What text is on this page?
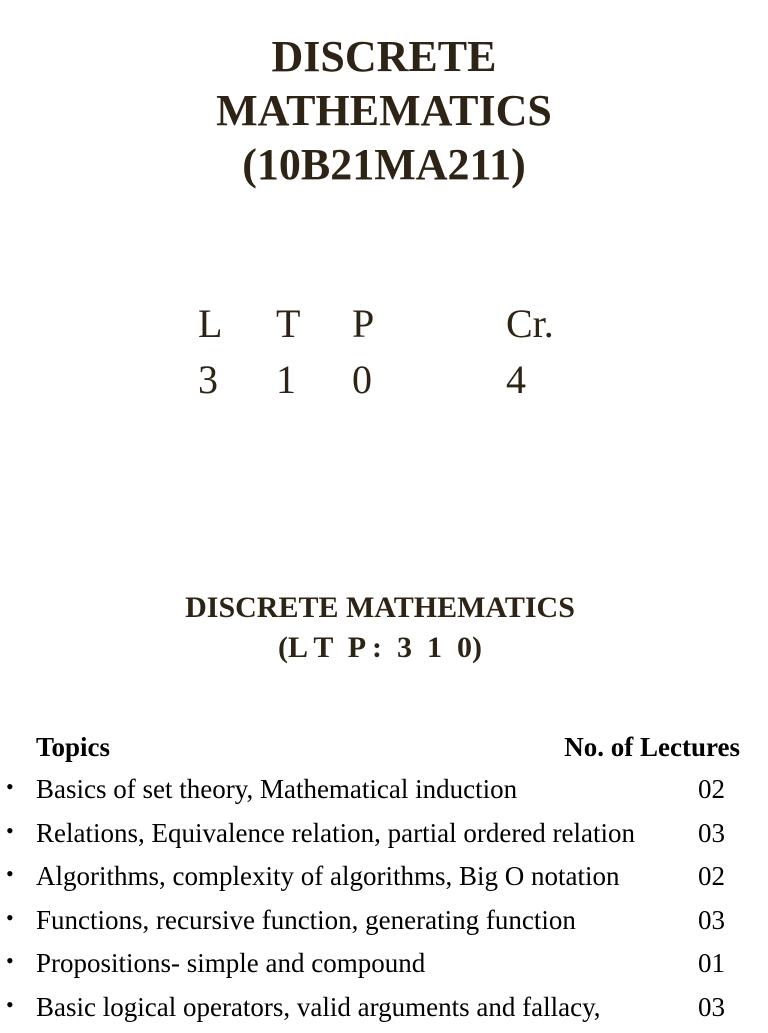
DISCRETE
MATHEMATICS
(10B21MA211)
L T P	Cr.
3 1 0	4
DISCRETE MATHEMATICS
(L T  P :  3  1  0)
Topics	No. of Lectures
• Basics of set theory, Mathematical induction	02
• Relations, Equivalence relation, partial ordered relation 03
• Algorithms, complexity of algorithms, Big O notation	02
• Functions, recursive function, generating function	03
• Propositions- simple and compound	01
• Basic logical operators, valid arguments and fallacy,	03
